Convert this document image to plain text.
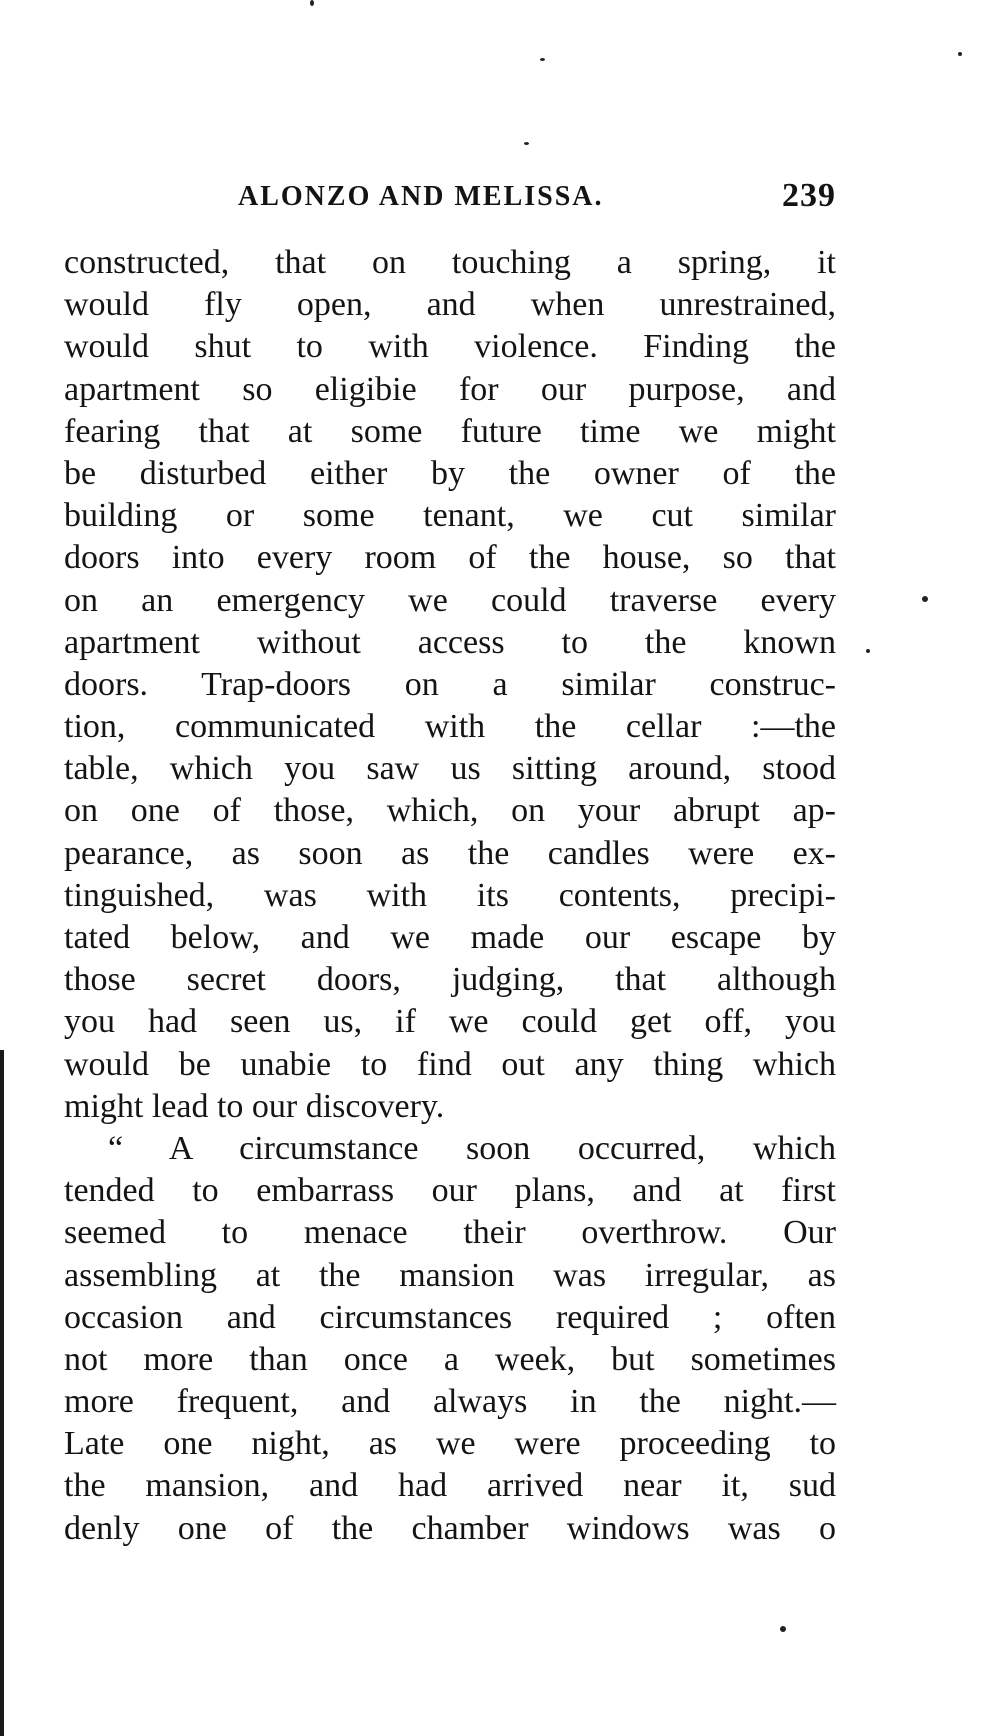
ALONZO AND MELISSA.	239
constructed, that on touching a spring, it
would fly open, and when unrestrained,
would shut to with violence. Finding the
apartment so eligibie for our purpose, and
fearing that at some future time we might
be disturbed either by the owner of the
building or some tenant, we cut similar
doors into every room of the house, so that
on an emergency we could traverse every
apartment without access to the known
doors. Trap-doors on a similar construc-
tion, communicated with the cellar :—the
table, which you saw us sitting around, stood
on one of those, which, on your abrupt ap-
pearance, as soon as the candles were ex-
tinguished, was with its contents, precipi-
tated below, and we made our escape by
those secret doors, judging, that although
you had seen us, if we could get off, you
would be unabie to find out any thing which
might lead to our discovery.
“ A circumstance soon occurred, which
tended to embarrass our plans, and at first
seemed to menace their overthrow. Our
assembling at the mansion was irregular, as
occasion and circumstances required ; often
not more than once a week, but sometimes
more frequent, and always in the night.—
Late one night, as we were proceeding to
the mansion, and had arrived near it, sud
denly one of the chamber windows was o
